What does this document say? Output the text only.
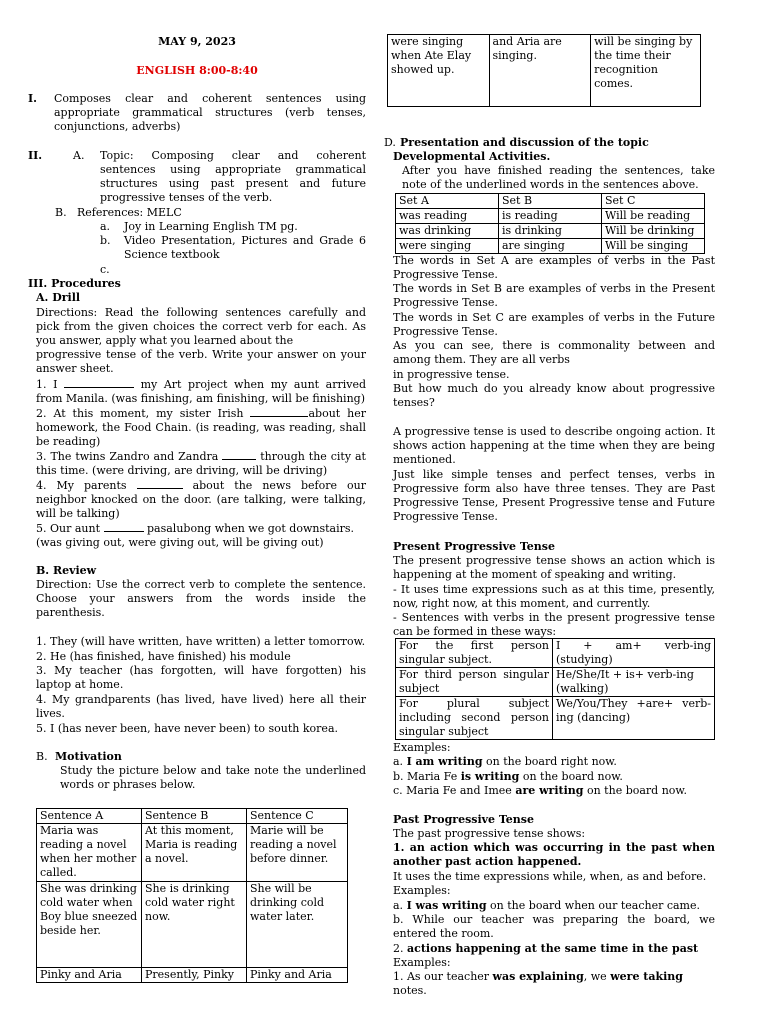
MAY 9, 2023

ENGLISH 8:00-8:40

I. Composes clear and coherent sentences using appropriate grammatical structures (verb tenses, conjunctions, adverbs)

II.	A. Topic: Composing clear and coherent sentences using appropriate grammatical structures using past present and future progressive tenses of the verb.

B. References: MELC

a. Joy in Learning English TM pg.

b. Video Presentation, Pictures and Grade 6 Science textbook

c.

III. Procedures

A. Drill

Directions: Read the following sentences carefully and pick from the given choices the correct verb for each. As you answer, apply what you learned about the

progressive tense of the verb. Write your answer on your answer sheet.

1. I	my Art project when my aunt arrived from Manila. (was finishing, am finishing, will be finishing)

2. At this moment, my sister Irish	about her homework, the Food Chain. (is reading, was reading, shall be reading)

3. The twins Zandro and Zandra	through the city at this time. (were driving, are driving, will be driving)

4. My parents	about the news before our neighbor knocked on the door. (are talking, were talking, will be talking)

5. Our aunt	pasalubong when we got downstairs. (was giving out, were giving out, will be giving out)

B. Review

Direction: Use the correct verb to complete the sentence. Choose your answers from the words inside the parenthesis.

1. They (will have written, have written) a letter tomorrow.

2. He (has finished, have finished) his module

3. My teacher (has forgotten, will have forgotten) his laptop at home.

4. My grandparents (has lived, have lived) here all their lives.

5. I (has never been, have never been) to south korea.

B. Motivation

Study the picture below and take note the underlined words or phrases below.

Sentence A	Sentence B	Sentence C
Maria was reading a novel when her mother called.	At this moment, Maria is reading a novel.	Marie will be reading a novel before dinner.
She was drinking cold water when Boy blue sneezed beside her.	She is drinking cold water right now.	She will be drinking cold water later.
Pinky and Aria	Presently, Pinky	Pinky and Aria
were singing when Ate Elay showed up.	and Aria are singing.	will be singing by the time their recognition comes.

D. Presentation and discussion of the topic

Developmental Activities.

After you have finished reading the sentences, take note of the underlined words in the sentences above.

Set A	Set B	Set C
was reading	is reading	Will be reading
was drinking	is drinking	Will be drinking
were singing	are singing	Will be singing

The words in Set A are examples of verbs in the Past Progressive Tense.

The words in Set B are examples of verbs in the Present Progressive Tense.

The words in Set C are examples of verbs in the Future Progressive Tense.

As you can see, there is commonality between and among them. They are all verbs

in progressive tense.

But how much do you already know about progressive tenses?

A progressive tense is used to describe ongoing action. It shows action happening at the time when they are being mentioned.

Just like simple tenses and perfect tenses, verbs in Progressive form also have three tenses. They are Past Progressive Tense, Present Progressive tense and Future Progressive Tense.

Present Progressive Tense

The present progressive tense shows an action which is happening at the moment of speaking and writing.

- It uses time expressions such as at this time, presently, now, right now, at this moment, and currently.

- Sentences with verbs in the present progressive tense can be formed in these ways:

For the first person singular subject.	I + am+ verb-ing (studying)
For third person singular subject	He/She/It + is+ verb-ing (walking)
For plural subject including second person singular subject	We/You/They +are+ verb-ing (dancing)

Examples:

a. I am writing on the board right now.

b. Maria Fe is writing on the board now.

c. Maria Fe and Imee are writing on the board now.

Past Progressive Tense

The past progressive tense shows:

1. an action which was occurring in the past when another past action happened.

It uses the time expressions while, when, as and before.

Examples:

a. I was writing on the board when our teacher came.

b. While our teacher was preparing the board, we entered the room.

2. actions happening at the same time in the past

Examples:

1. As our teacher was explaining, we were taking notes.
